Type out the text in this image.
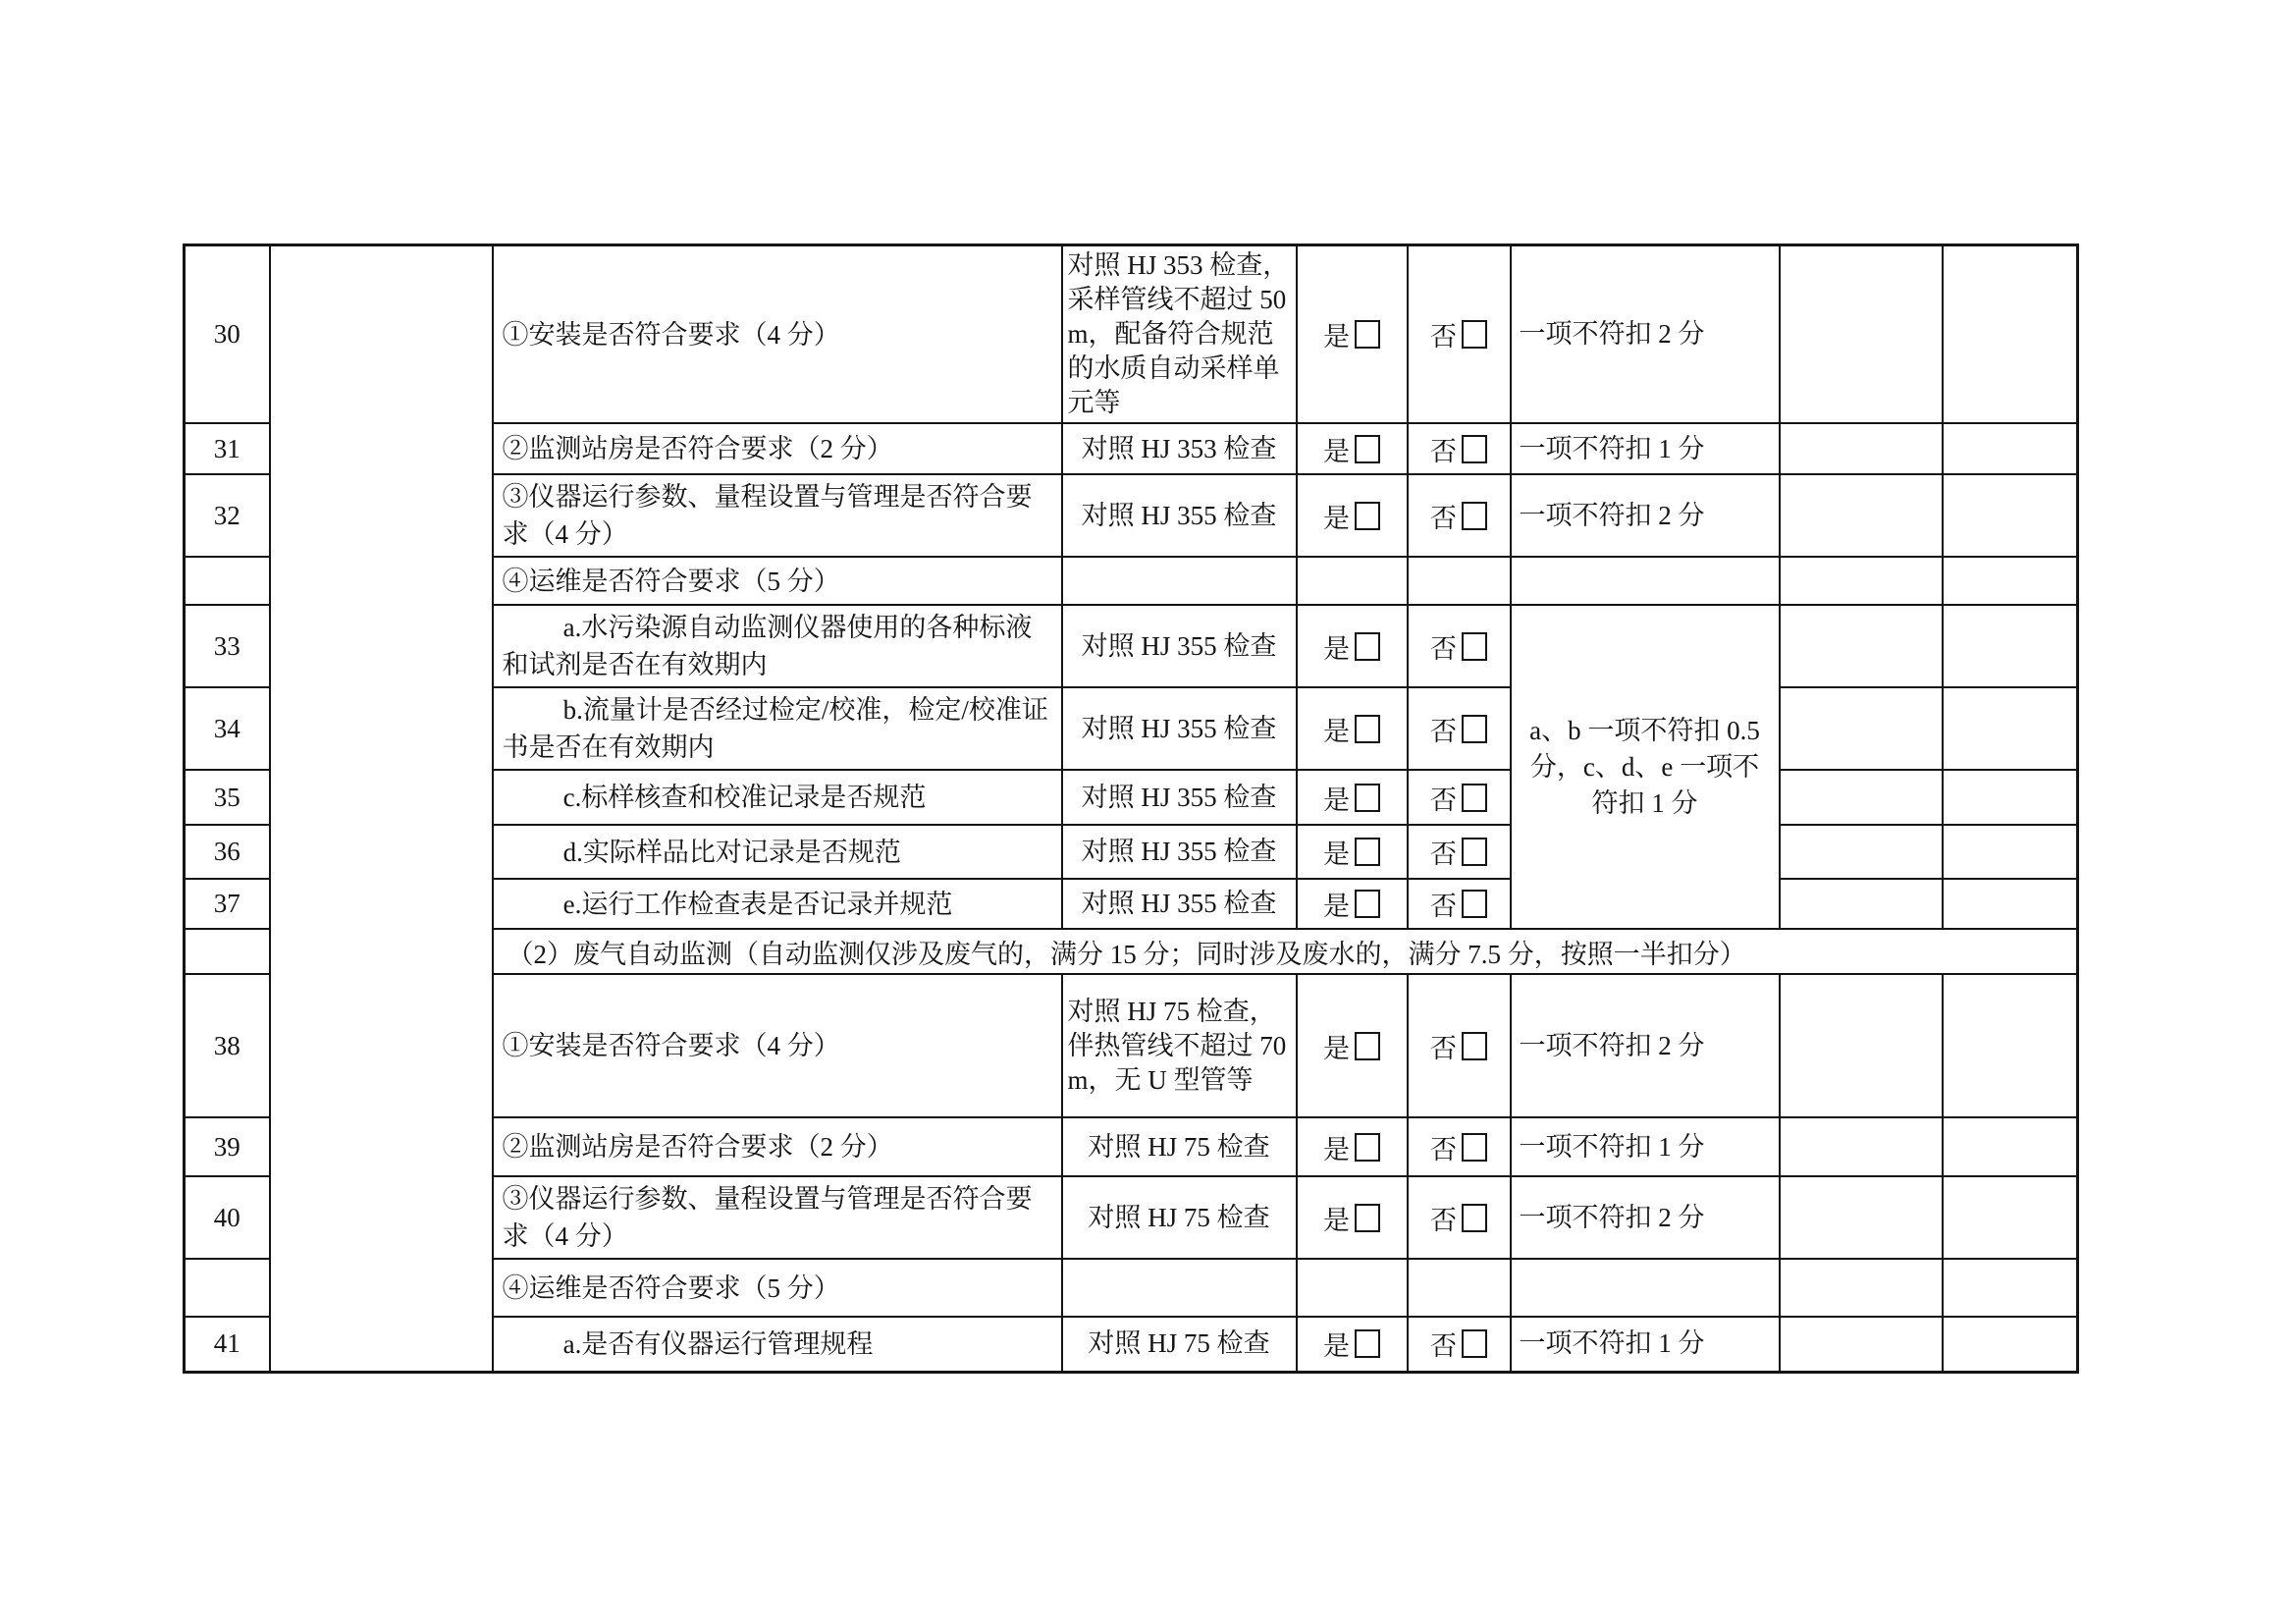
30		①安装是否符合要求（4 分）	对照 HJ 353 检查，采样管线不超过 50m，配备符合规范的水质自动采样单元等	是	否	一项不符扣 2 分		
31		②监测站房是否符合要求（2 分）	对照 HJ 353 检查	是	否	一项不符扣 1 分		
32		③仪器运行参数、量程设置与管理是否符合要求（4 分）	对照 HJ 355 检查	是	否	一项不符扣 2 分		
		④运维是否符合要求（5 分）						
33		a.水污染源自动监测仪器使用的各种标液和试剂是否在有效期内	对照 HJ 355 检查	是	否	a、b 一项不符扣 0.5 分，c、d、e 一项不符扣 1 分		
34		b.流量计是否经过检定/校准，检定/校准证书是否在有效期内	对照 HJ 355 检查	是	否			
35		c.标样核查和校准记录是否规范	对照 HJ 355 检查	是	否			
36		d.实际样品比对记录是否规范	对照 HJ 355 检查	是	否			
37		e.运行工作检查表是否记录并规范	对照 HJ 355 检查	是	否			
		（2）废气自动监测（自动监测仅涉及废气的，满分 15 分；同时涉及废水的，满分 7.5 分，按照一半扣分）						
38		①安装是否符合要求（4 分）	对照 HJ 75 检查，伴热管线不超过 70m，无 U 型管等	是	否	一项不符扣 2 分		
39		②监测站房是否符合要求（2 分）	对照 HJ 75 检查	是	否	一项不符扣 1 分		
40		③仪器运行参数、量程设置与管理是否符合要求（4 分）	对照 HJ 75 检查	是	否	一项不符扣 2 分		
		④运维是否符合要求（5 分）						
41		a.是否有仪器运行管理规程	对照 HJ 75 检查	是	否	一项不符扣 1 分		
